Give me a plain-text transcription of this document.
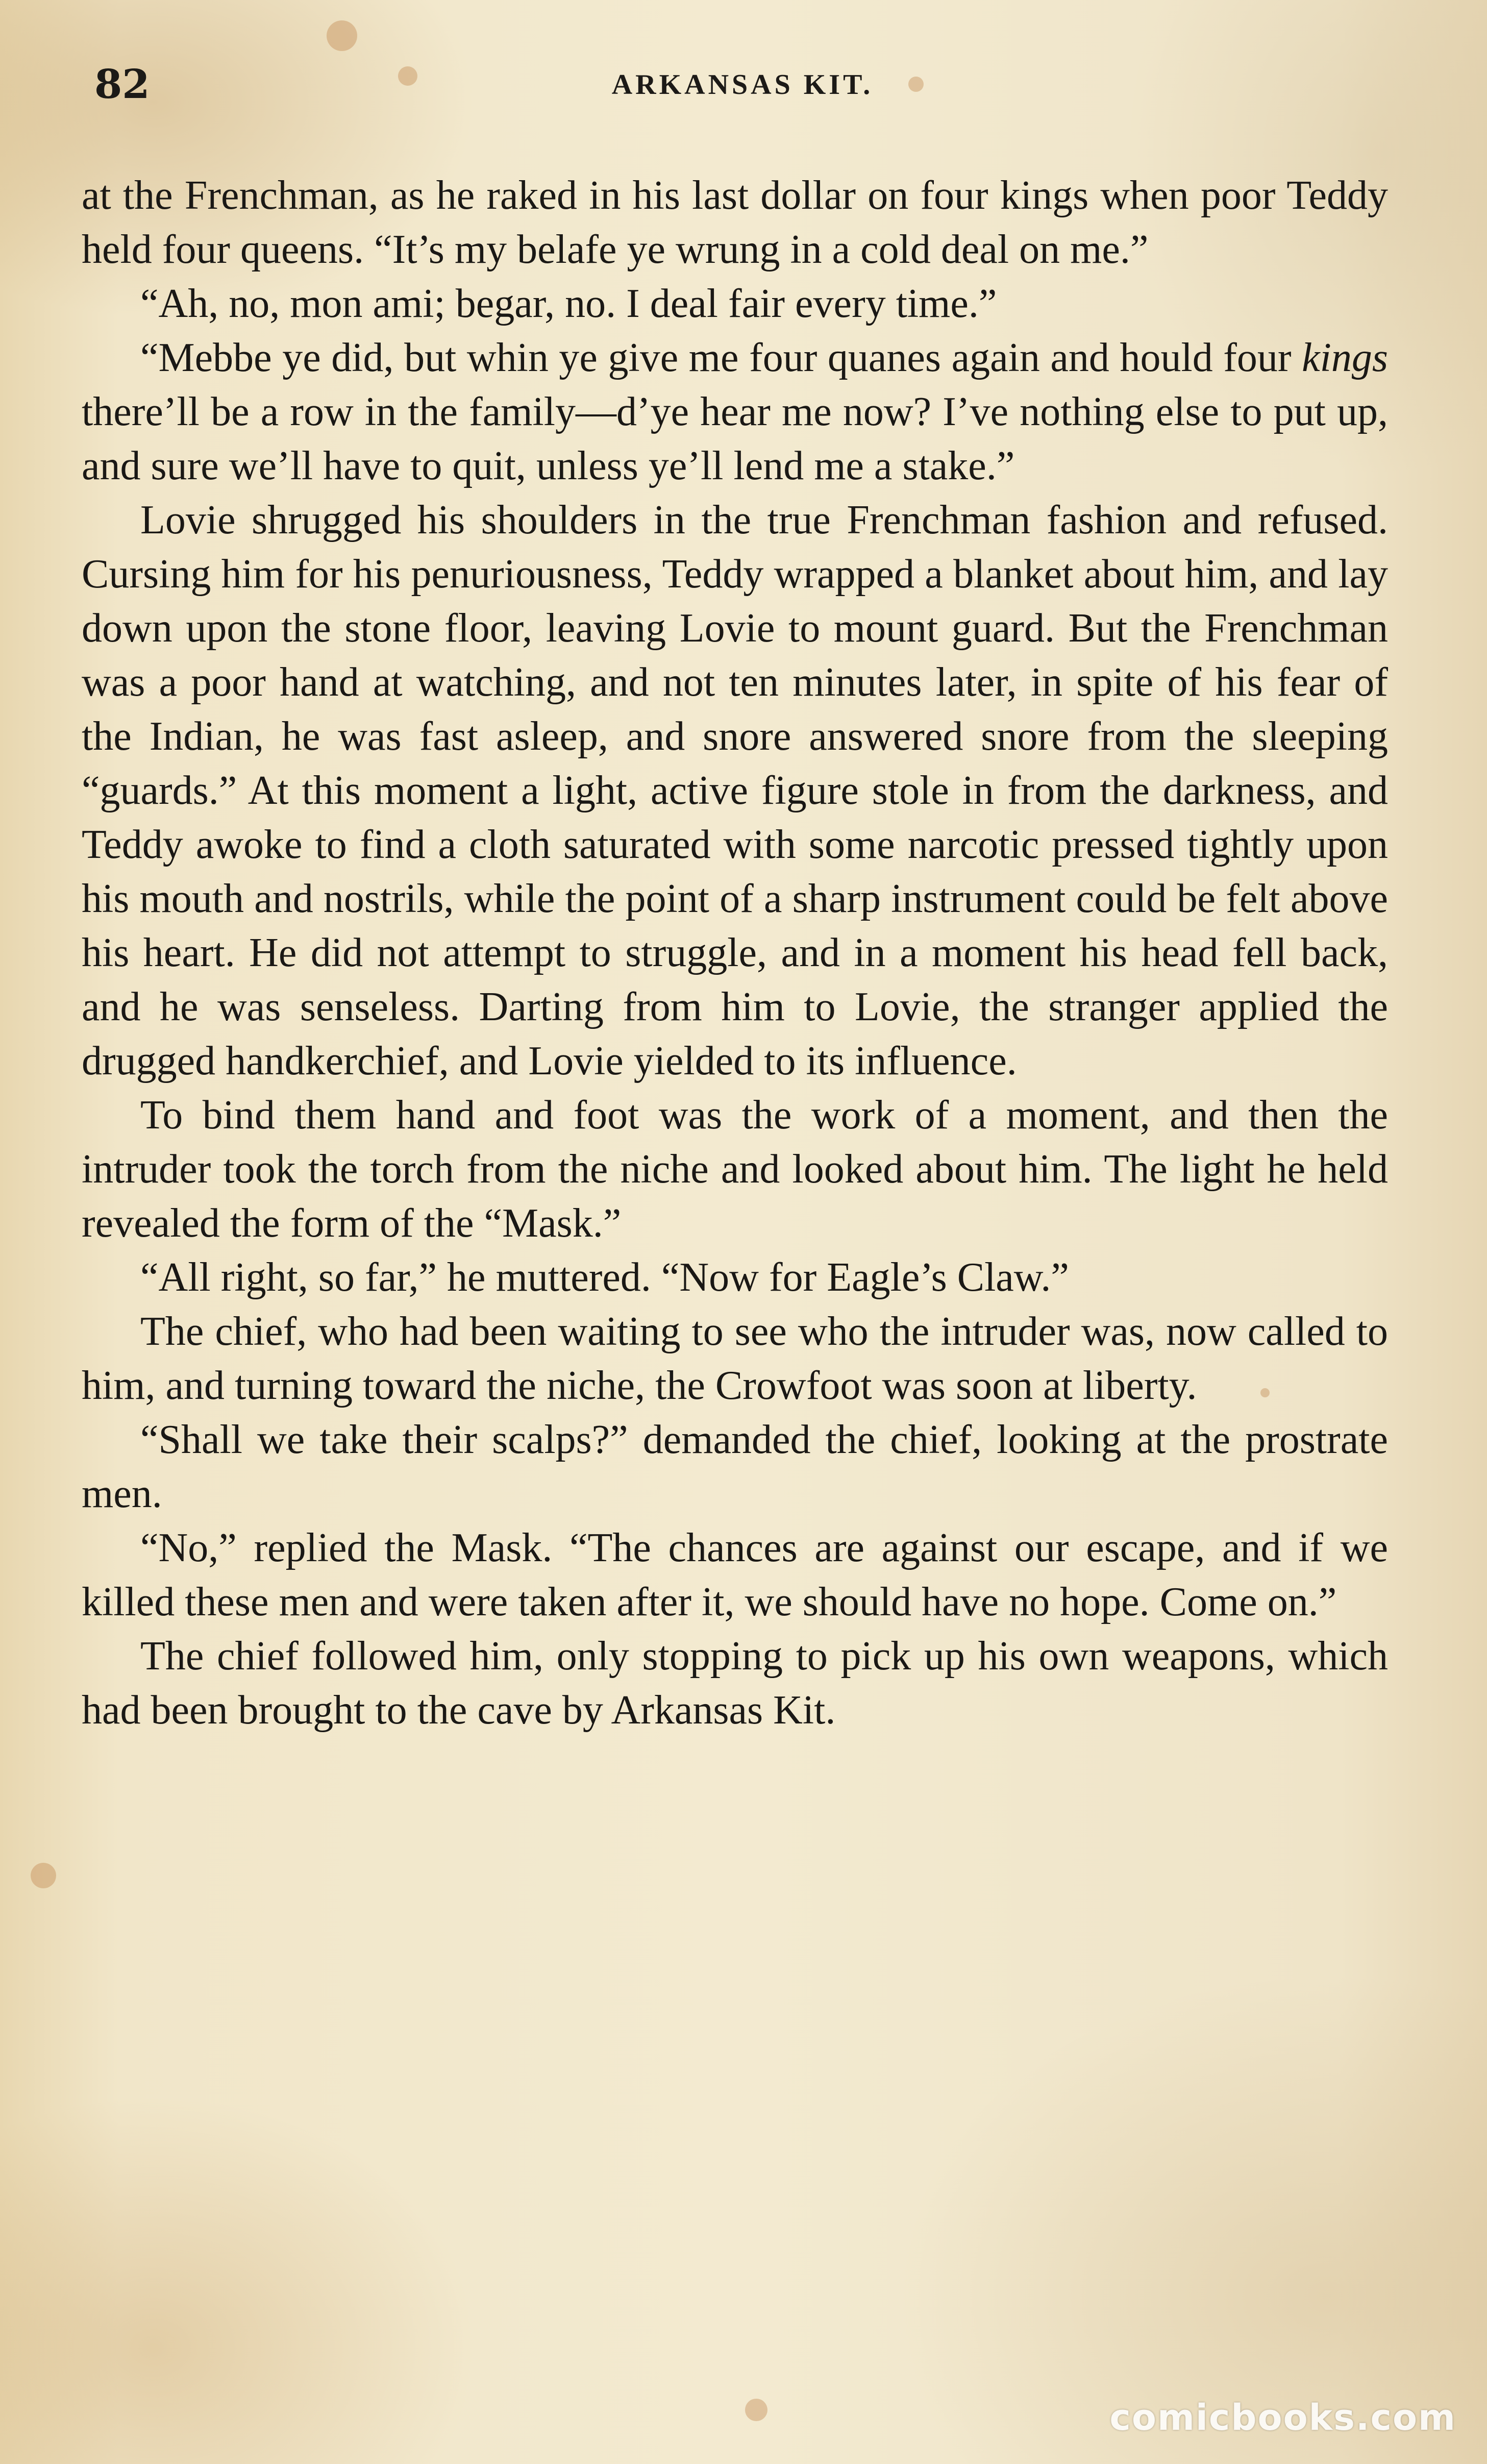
82	ARKANSAS KIT.

at the Frenchman, as he raked in his last dollar on four kings when poor Teddy held four queens. “It’s my belafe ye wrung in a cold deal on me.”

“Ah, no, mon ami; begar, no. I deal fair every time.”

“Mebbe ye did, but whin ye give me four quanes again and hould four kings there’ll be a row in the family—d’ye hear me now? I’ve nothing else to put up, and sure we’ll have to quit, unless ye’ll lend me a stake.”

Lovie shrugged his shoulders in the true Frenchman fashion and refused. Cursing him for his penuriousness, Teddy wrapped a blanket about him, and lay down upon the stone floor, leaving Lovie to mount guard. But the Frenchman was a poor hand at watching, and not ten minutes later, in spite of his fear of the Indian, he was fast asleep, and snore answered snore from the sleeping “guards.” At this moment a light, active figure stole in from the darkness, and Teddy awoke to find a cloth saturated with some narcotic pressed tightly upon his mouth and nostrils, while the point of a sharp instrument could be felt above his heart. He did not attempt to struggle, and in a moment his head fell back, and he was senseless. Darting from him to Lovie, the stranger applied the drugged handkerchief, and Lovie yielded to its influence.

To bind them hand and foot was the work of a moment, and then the intruder took the torch from the niche and looked about him. The light he held revealed the form of the “Mask.”

“All right, so far,” he muttered. “Now for Eagle’s Claw.”

The chief, who had been waiting to see who the intruder was, now called to him, and turning toward the niche, the Crowfoot was soon at liberty.

“Shall we take their scalps?” demanded the chief, looking at the prostrate men.

“No,” replied the Mask. “The chances are against our escape, and if we killed these men and were taken after it, we should have no hope. Come on.”

The chief followed him, only stopping to pick up his own weapons, which had been brought to the cave by Arkansas Kit.

comicbooks.com
